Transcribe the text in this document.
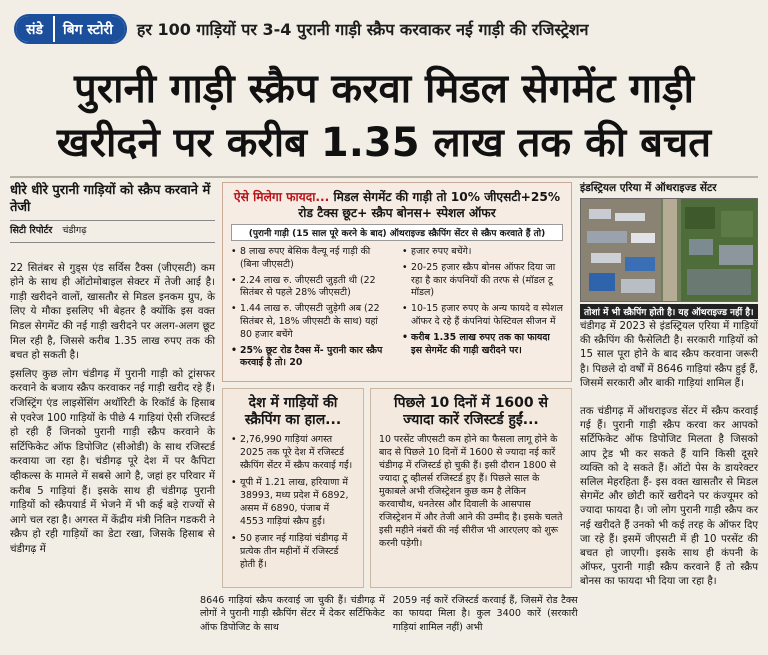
संडे	बिग स्टोरी	हर 100 गाड़ियों पर 3-4 पुरानी गाड़ी स्क्रैप करवाकर नई गाड़ी की रजिस्ट्रेशन
पुरानी गाड़ी स्क्रैप करवा मिडल सेगमेंट गाड़ी
खरीदने पर करीब 1.35 लाख तक की बचत
धीरे धीरे पुरानी गाड़ियों को स्क्रैप करवाने में तेजी
सिटी रिपोर्टर चंडीगढ़

22 सितंबर से गुड्स एंड सर्विस टैक्स (जीएसटी) कम होने के साथ ही ऑटोमोबाइल सेक्टर में तेजी आई है। गाड़ी खरीदने वालों, खासतौर से मिडल इनकम ग्रुप, के लिए ये मौका इसलिए भी बेहतर है क्योंकि इस वक्त मिडल सेगमेंट की नई गाड़ी खरीदने पर अलग-अलग छूट मिल रही है, जिससे करीब 1.35 लाख रुपए तक की बचत हो सकती है।

इसलिए कुछ लोग चंडीगढ़ में पुरानी गाड़ी को ट्रांसफर करवाने के बजाय स्क्रैप करवाकर नई गाड़ी खरीद रहे हैं। रजिस्ट्रिंग एंड लाइसेंसिंग अथॉरिटी के रिकॉर्ड के हिसाब से एवरेज 100 गाड़ियों के पीछे 4 गाड़ियां ऐसी रजिस्टर्ड हो रही हैं जिनको पुरानी गाड़ी स्क्रैप करवाने के सर्टिफिकेट ऑफ डिपोजिट (सीओडी) के साथ रजिस्टर्ड करवाया जा रहा है। चंडीगढ़ पूरे देश में पर कैपिटा व्हीकल्स के मामले में सबसे आगे है, जहां हर परिवार में करीब 5 गाड़ियां हैं। इसके साथ ही चंडीगढ़ पुरानी गाड़ियों को स्क्रैपयार्ड में भेजने में भी कई बड़े राज्यों से आगे चल रहा है। अगस्त में केंद्रीय मंत्री नितिन गडकरी ने स्क्रैप हो रही गाड़ियों का डेटा रखा, जिसके हिसाब से चंडीगढ़ में

ऐसे मिलेगा फायदा... मिडल सेगमेंट की गाड़ी तो 10% जीएसटी+25% रोड टैक्स छूट+ स्क्रैप बोनस+ स्पेशल ऑफर
(पुरानी गाड़ी (15 साल पूरे करने के बाद) ऑथराइज्ड स्क्रैपिंग सेंटर से स्क्रैप करवाते हैं तो)
• 8 लाख रुपए बेसिक वैल्यू नई गाड़ी की (बिना जीएसटी)
• 2.24 लाख रु. जीएसटी जुड़ती थी (22 सितंबर से पहले 28% जीएसटी)
• 1.44 लाख रु. जीएसटी जुड़ेगी अब (22 सितंबर से, 18% जीएसटी के साथ) यहां 80 हजार बचेंगे
• 25% छूट रोड टैक्स में- पुरानी कार स्क्रैप करवाई है तो। 20
• हजार रुपए बचेंगे।
• 20-25 हजार स्क्रैप बोनस ऑफर दिया जा रहा है कार कंपनियों की तरफ से (मॉडल टू मॉडल)
• 10-15 हजार रुपए के अन्य फायदे व स्पेशल ऑफर दे रहे हैं कंपनियां फेस्टिवल सीजन में
• करीब 1.35 लाख रुपए तक का फायदा इस सेगमेंट की गाड़ी खरीदने पर।
देश में गाड़ियों की स्क्रैपिंग का हाल...
• 2,76,990 गाड़ियां अगस्त 2025 तक पूरे देश में रजिस्टर्ड स्क्रैपिंग सेंटर में स्क्रैप करवाई गईं।
• यूपी में 1.21 लाख, हरियाणा में 38993, मध्य प्रदेश में 6892, असम में 6890, पंजाब में 4553 गाड़ियां स्क्रैप हुईं।
• 50 हजार नई गाड़ियां चंडीगढ़ में प्रत्येक तीन महीनों में रजिस्टर्ड होती हैं।
पिछले 10 दिनों में 1600 से ज्यादा कारें रजिस्टर्ड हुईं...

10 परसेंट जीएसटी कम होने का फैसला लागू होने के बाद से पिछले 10 दिनों में 1600 से ज्यादा नई कारें चंडीगढ़ में रजिस्टर्ड हो चुकी हैं। इसी दौरान 1800 से ज्यादा टू व्हीलर्स रजिस्टर्ड हुए हैं। पिछले साल के मुकाबले अभी रजिस्ट्रेशन कुछ कम है लेकिन करवाचौथ, धनतेरस और दिवाली के आसपास रजिस्ट्रेशन में और तेजी आने की उम्मीद है। इसके चलते इसी महीने नंबरों की नई सीरीज भी आरएलए को शुरू करनी पड़ेगी।

इंडस्ट्रियल एरिया में ऑथराइज्ड सेंटर
तोशां में भी स्क्रैपिंग होती है। यह ऑथराइज्ड नहीं है।

चंडीगढ़ में 2023 से इंडस्ट्रियल एरिया में गाड़ियों की स्क्रैपिंग की फैसेलिटी है। सरकारी गाड़ियों को 15 साल पूरा होने के बाद स्क्रैप करवाना जरूरी है। पिछले दो वर्षों में 8646 गाड़ियां स्क्रैप हुई हैं, जिसमें सरकारी और बाकी गाड़ियां शामिल हैं।

तक चंडीगढ़ में ऑथराइज्ड सेंटर में स्क्रैप करवाई गई हैं। पुरानी गाड़ी स्क्रैप करवा कर आपको सर्टिफिकेट ऑफ डिपोजिट मिलता है जिसको आप ट्रेड भी कर सकते हैं यानि किसी दूसरे व्यक्ति को दे सकते हैं। ऑटो पेस के डायरेक्टर सलिल मेहरहिता हैं- इस वक्त खासतौर से मिडल सेगमेंट और छोटी कारें खरीदने पर कंज्यूमर को ज्यादा फायदा है। जो लोग पुरानी गाड़ी स्क्रैप कर नई खरीदते हैं उनको भी कई तरह के ऑफर दिए जा रहे हैं। इसमें जीएसटी में ही 10 परसेंट की बचत हो जाएगी। इसके साथ ही कंपनी के ऑफर, पुरानी गाड़ी स्क्रैप करवाने हैं तो स्क्रैप बोनस का फायदा भी दिया जा रहा है।

8646 गाड़ियां स्क्रैप करवाई जा चुकी हैं। चंडीगढ़ में लोगों ने पुरानी गाड़ी स्क्रैपिंग सेंटर में देकर सर्टिफिकेट ऑफ डिपोजिट के साथ
2059 नई कारें रजिस्टर्ड करवाई हैं, जिसमें रोड टैक्स का फायदा मिला है। कुल 3400 कारें (सरकारी गाड़ियां शामिल नहीं) अभी
